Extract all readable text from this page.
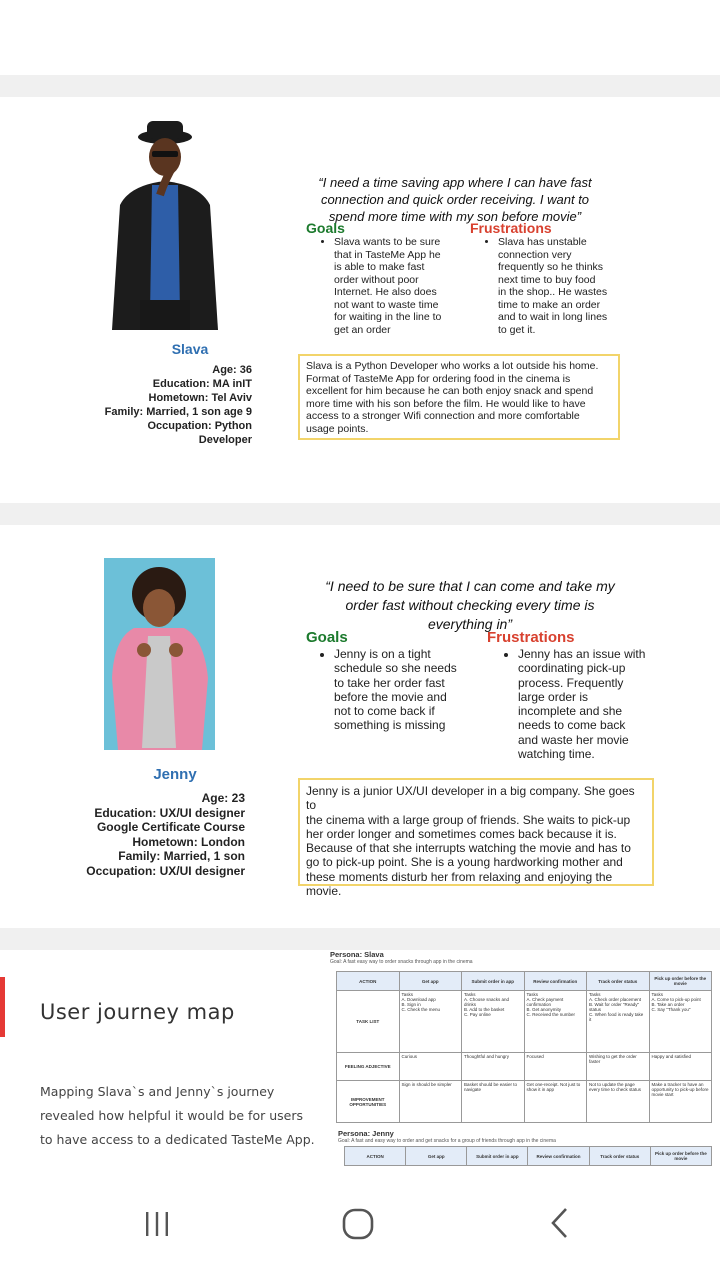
Slava
Age: 36
Education: MA inIT
Hometown: Tel Aviv
Family: Married, 1 son age 9
Occupation: Python
Developer
“I need a time saving app where I can have fast
connection and quick order receiving. I want to
spend more time with my son before movie”
Goals	Frustrations
• Slava wants to be sure
that in TasteMe App he
is able to make fast
order without poor
Internet. He also does
not want to waste time
for waiting in the line to
get an order
• Slava has unstable
connection very
frequently so he thinks
next time to buy food
in the shop.. He wastes
time to make an order
and to wait in long lines
to get it.
Slava is a Python Developer who works a lot outside his home.
Format of TasteMe App for ordering food in the cinema is
excellent for him because he can both enjoy snack and spend
more time with his son before the film. He would like to have
access to a stronger Wifi connection and more comfortable
usage points.
Jenny
Age: 23
Education: UX/UI designer
Google Certificate Course
Hometown: London
Family: Married, 1 son
Occupation: UX/UI designer
“I need to be sure that I can come and take my
order fast without checking every time is
everything in”
Goals	Frustrations
• Jenny is on a tight
schedule so she needs
to take her order fast
before the movie and
not to come back if
something is missing
• Jenny has an issue with
coordinating pick-up
process. Frequently
large order is
incomplete and she
needs to come back
and waste her movie
watching time.
Jenny is a junior UX/UI developer in a big company. She goes to
the cinema with a large group of friends. She waits to pick-up
her order longer and sometimes comes back because it is.
Because of that she interrupts watching the movie and has to
go to pick-up point. She is a young hardworking mother and
these moments disturb her from relaxing and enjoying the
movie.
User journey map
Mapping Slava`s and Jenny`s journey revealed how helpful it would be for users to have access to a dedicated TasteMe App.
Persona: Slava
Goal: A fast easy way to order snacks through app in the cinema
ACTION	Get app	Submit order in app	Review confirmation	Track order status	Pick up order before the movie
TASK LIST	Tasks
A. Download app
B. Sign in
C. Check the menu	Tasks
A. Choose snacks and drinks
B. Add to the basket
C. Pay online	Tasks
A. Check payment confirmation
B. Get anonymity
C. Received the number	Tasks
A. Check order placement
B. Wait for order "Ready" status
C. When food is ready take it	Tasks
A. Come to pick-up point
B. Take an order
C. Say "Thank you"
FEELING ADJECTIVE	Curious	Thoughtful and hungry	Focused	Wishing to get the order faster	Happy and satisfied
IMPROVEMENT OPPORTUNITIES	Sign in should be simpler	Basket should be easier to navigate	Get one-receipt. Not just to show it in app	Not to update the page every time to check status	Make a tracker to have an opportunity to pick-up before movie start
Persona: Jenny
Goal: A fast and easy way to order and get snacks for a group of friends through app in the cinema
ACTION	Get app	Submit order in app	Review confirmation	Track order status	Pick up order before the movie
